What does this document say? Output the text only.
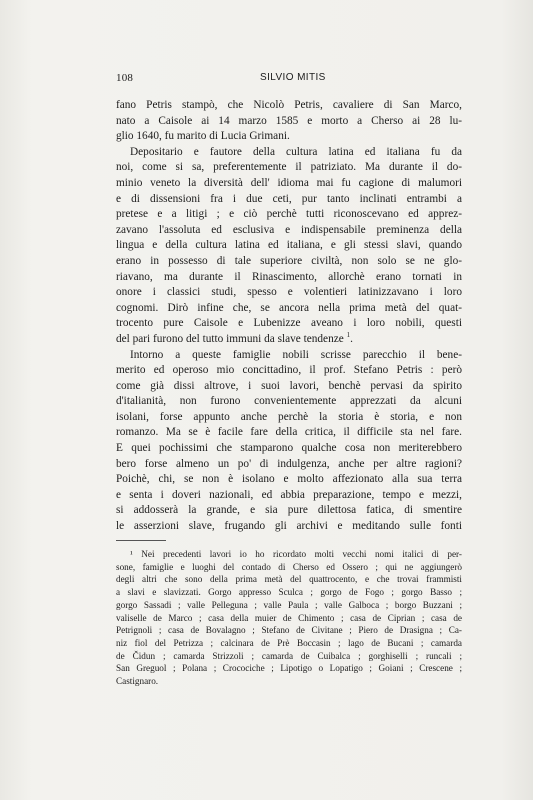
108	SILVIO MITIS
fano Petris stampò, che Nicolò Petris, cavaliere di San Marco,
nato a Caisole ai 14 marzo 1585 e morto a Cherso ai 28 lu-
glio 1640, fu marito di Lucia Grimani.
Depositario e fautore della cultura latina ed italiana fu da
noi, come si sa, preferentemente il patriziato. Ma durante il do-
minio veneto la diversità dell' idioma mai fu cagione di malumori
e di dissensioni fra i due ceti, pur tanto inclinati entrambi a
pretese e a litigi ; e ciò perchè tutti riconoscevano ed apprez-
zavano l'assoluta ed esclusiva e indispensabile preminenza della
lingua e della cultura latina ed italiana, e gli stessi slavi, quando
erano in possesso di tale superiore civiltà, non solo se ne glo-
riavano, ma durante il Rinascimento, allorchè erano tornati in
onore i classici studi, spesso e volentieri latinizzavano i loro
cognomi. Dirò infine che, se ancora nella prima metà del quat-
trocento pure Caisole e Lubenizze aveano i loro nobili, questi
del pari furono del tutto immuni da slave tendenze $^1$.
Intorno a queste famiglie nobili scrisse parecchio il bene-
merito ed operoso mio concittadino, il prof. Stefano Petris : però
come già dissi altrove, i suoi lavori, benchè pervasi da spirito
d'italianità, non furono convenientemente apprezzati da alcuni
isolani, forse appunto anche perchè la storia è storia, e non
romanzo. Ma se è facile fare della critica, il difficile sta nel fare.
E quei pochissimi che stamparono qualche cosa non meriterebbero
bero forse almeno un po' di indulgenza, anche per altre ragioni?
Poichè, chi, se non è isolano e molto affezionato alla sua terra
e senta i doveri nazionali, ed abbia preparazione, tempo e mezzi,
si addosserà la grande, e sia pure dilettosa fatica, di smentire
le asserzioni slave, frugando gli archivi e meditando sulle fonti
¹ Nei precedenti lavori io ho ricordato molti vecchi nomi italici di per-
sone, famiglie e luoghi del contado di Cherso ed Ossero ; qui ne aggiungerò
degli altri che sono della prima metà del quattrocento, e che trovai frammisti
a slavi e slavizzati. Gorgo appresso Sculca ; gorgo de Fogo ; gorgo Basso ;
gorgo Sassadi ; valle Pelleguna ; valle Paula ; valle Galboca ; borgo Buzzani ;
valiselle de Marco ; casa della muier de Chimento ; casa de Ciprian ; casa de
Petrignoli ; casa de Bovalagno ; Stefano de Civitane ; Piero de Drasigna ; Ca-
niz fiol del Petrizza ; calcinara de Prè Boccasin ; lago de Bucani ; camarda
de Čidun ; camarda Strizzoli ; camarda de Cuibalca ; gorghiselli ; runcali ;
San Greguol ; Polana ; Crocociche ; Lipotigo o Lopatigo ; Goiani ; Crescene ;
Castignaro.
